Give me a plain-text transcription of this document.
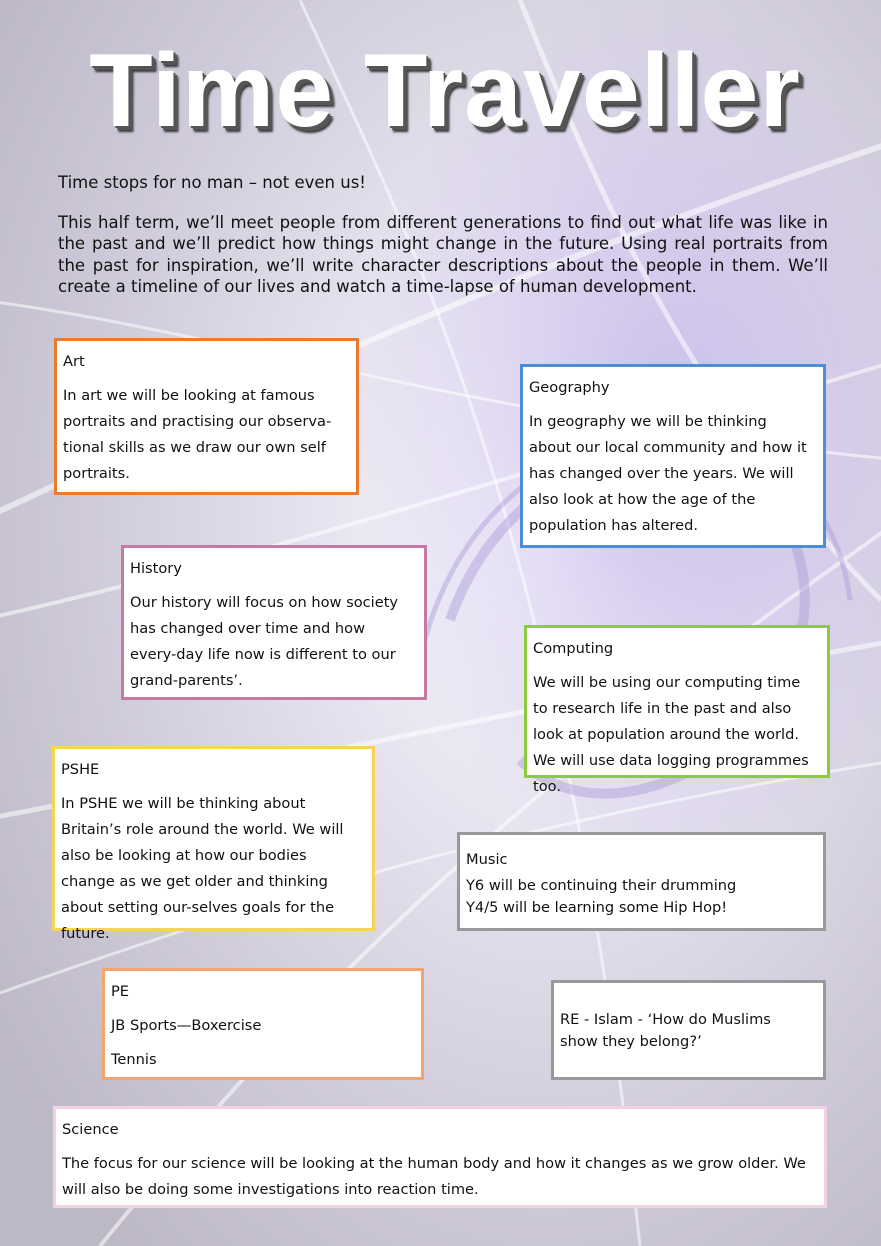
Time Traveller

Time stops for no man – not even us!

This half term, we’ll meet people from different generations to find out what life was like in the past and we’ll predict how things might change in the future. Using real portraits from the past for inspiration, we’ll write character descriptions about the people in them. We’ll create a timeline of our lives and watch a time-lapse of human development.

Art
In art we will be looking at famous portraits and practising our observa-tional skills as we draw our own self portraits.
Geography
In geography we will be thinking about our local community and how it has changed over the years. We will also look at how the age of the population has altered.
History
Our history will focus on how society has changed over time and how every-day life now is different to our grand-parents’.
Computing
We will be using our computing time to research life in the past and also look at population around the world. We will use data logging programmes too.
PSHE
In PSHE we will be thinking about Britain’s role around the world. We will also be looking at how our bodies change as we get older and thinking about setting our-selves goals for the future.
Music
Y6 will be continuing their drumming
Y4/5 will be learning some Hip Hop!
PE
JB Sports—Boxercise
Tennis
RE - Islam - ‘How do Muslims show they belong?’
Science
The focus for our science will be looking at the human body and how it changes as we grow older. We will also be doing some investigations into reaction time.
